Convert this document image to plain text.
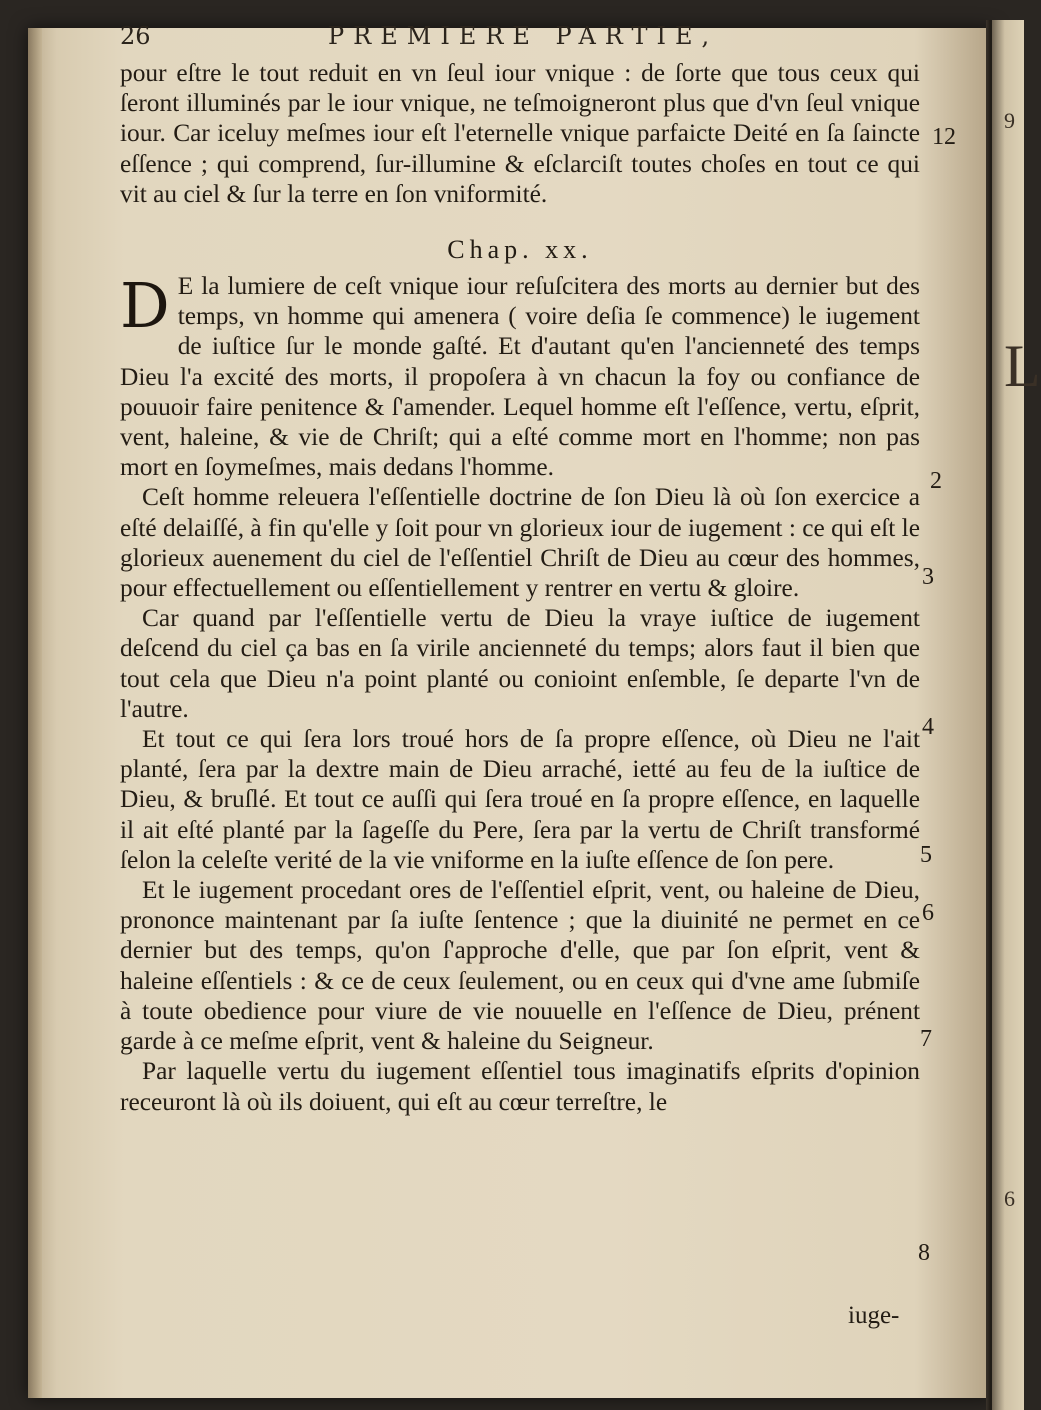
9
L
6
26	PREMIERE PARTIE,

pour eſtre le tout reduit en vn ſeul iour vnique : de ſorte que tous ceux qui ſeront illuminés par le iour vnique, ne teſmoigneront plus que d'vn ſeul vnique iour. Car iceluy meſmes iour eſt l'eternelle vnique parfaicte Deité en ſa ſaincte eſſence ; qui comprend, ſur-illumine & eſclarciſt toutes choſes en tout ce qui vit au ciel & ſur la terre en ſon vniformité.

Chap. xx.

D E la lumiere de ceſt vnique iour reſuſcitera des morts au dernier but des temps, vn homme qui amenera ( voire deſia ſe commence) le iugement de iuſtice ſur le monde gaſté. Et d'autant qu'en l'ancienneté des temps Dieu l'a excité des morts, il propoſera à vn chacun la foy ou confiance de pouuoir faire penitence & ſ'amender. Lequel homme eſt l'eſſence, vertu, eſprit, vent, haleine, & vie de Chriſt; qui a eſté comme mort en l'homme; non pas mort en ſoymeſmes, mais dedans l'homme.

Ceſt homme releuera l'eſſentielle doctrine de ſon Dieu là où ſon exercice a eſté delaiſſé, à fin qu'elle y ſoit pour vn glorieux iour de iugement : ce qui eſt le glorieux auenement du ciel de l'eſſentiel Chriſt de Dieu au cœur des hommes, pour effectuellement ou eſſentiellement y rentrer en vertu & gloire.

Car quand par l'eſſentielle vertu de Dieu la vraye iuſtice de iugement deſcend du ciel ça bas en ſa virile ancienneté du temps; alors faut il bien que tout cela que Dieu n'a point planté ou conioint enſemble, ſe departe l'vn de l'autre.

Et tout ce qui ſera lors troué hors de ſa propre eſſence, où Dieu ne l'ait planté, ſera par la dextre main de Dieu arraché, ietté au feu de la iuſtice de Dieu, & bruſlé. Et tout ce auſſi qui ſera troué en ſa propre eſſence, en laquelle il ait eſté planté par la ſageſſe du Pere, ſera par la vertu de Chriſt transformé ſelon la celeſte verité de la vie vniforme en la iuſte eſſence de ſon pere.

Et le iugement procedant ores de l'eſſentiel eſprit, vent, ou haleine de Dieu, prononce maintenant par ſa iuſte ſentence ; que la diuinité ne permet en ce dernier but des temps, qu'on ſ'approche d'elle, que par ſon eſprit, vent & haleine eſſentiels : & ce de ceux ſeulement, ou en ceux qui d'vne ame ſubmiſe à toute obedience pour viure de vie nouuelle en l'eſſence de Dieu, prénent garde à ce meſme eſprit, vent & haleine du Seigneur.

Par laquelle vertu du iugement eſſentiel tous imaginatifs eſprits d'opinion receuront là où ils doiuent, qui eſt au cœur terreſtre, le

12
2
3
4
5
6
7
8
iuge-
